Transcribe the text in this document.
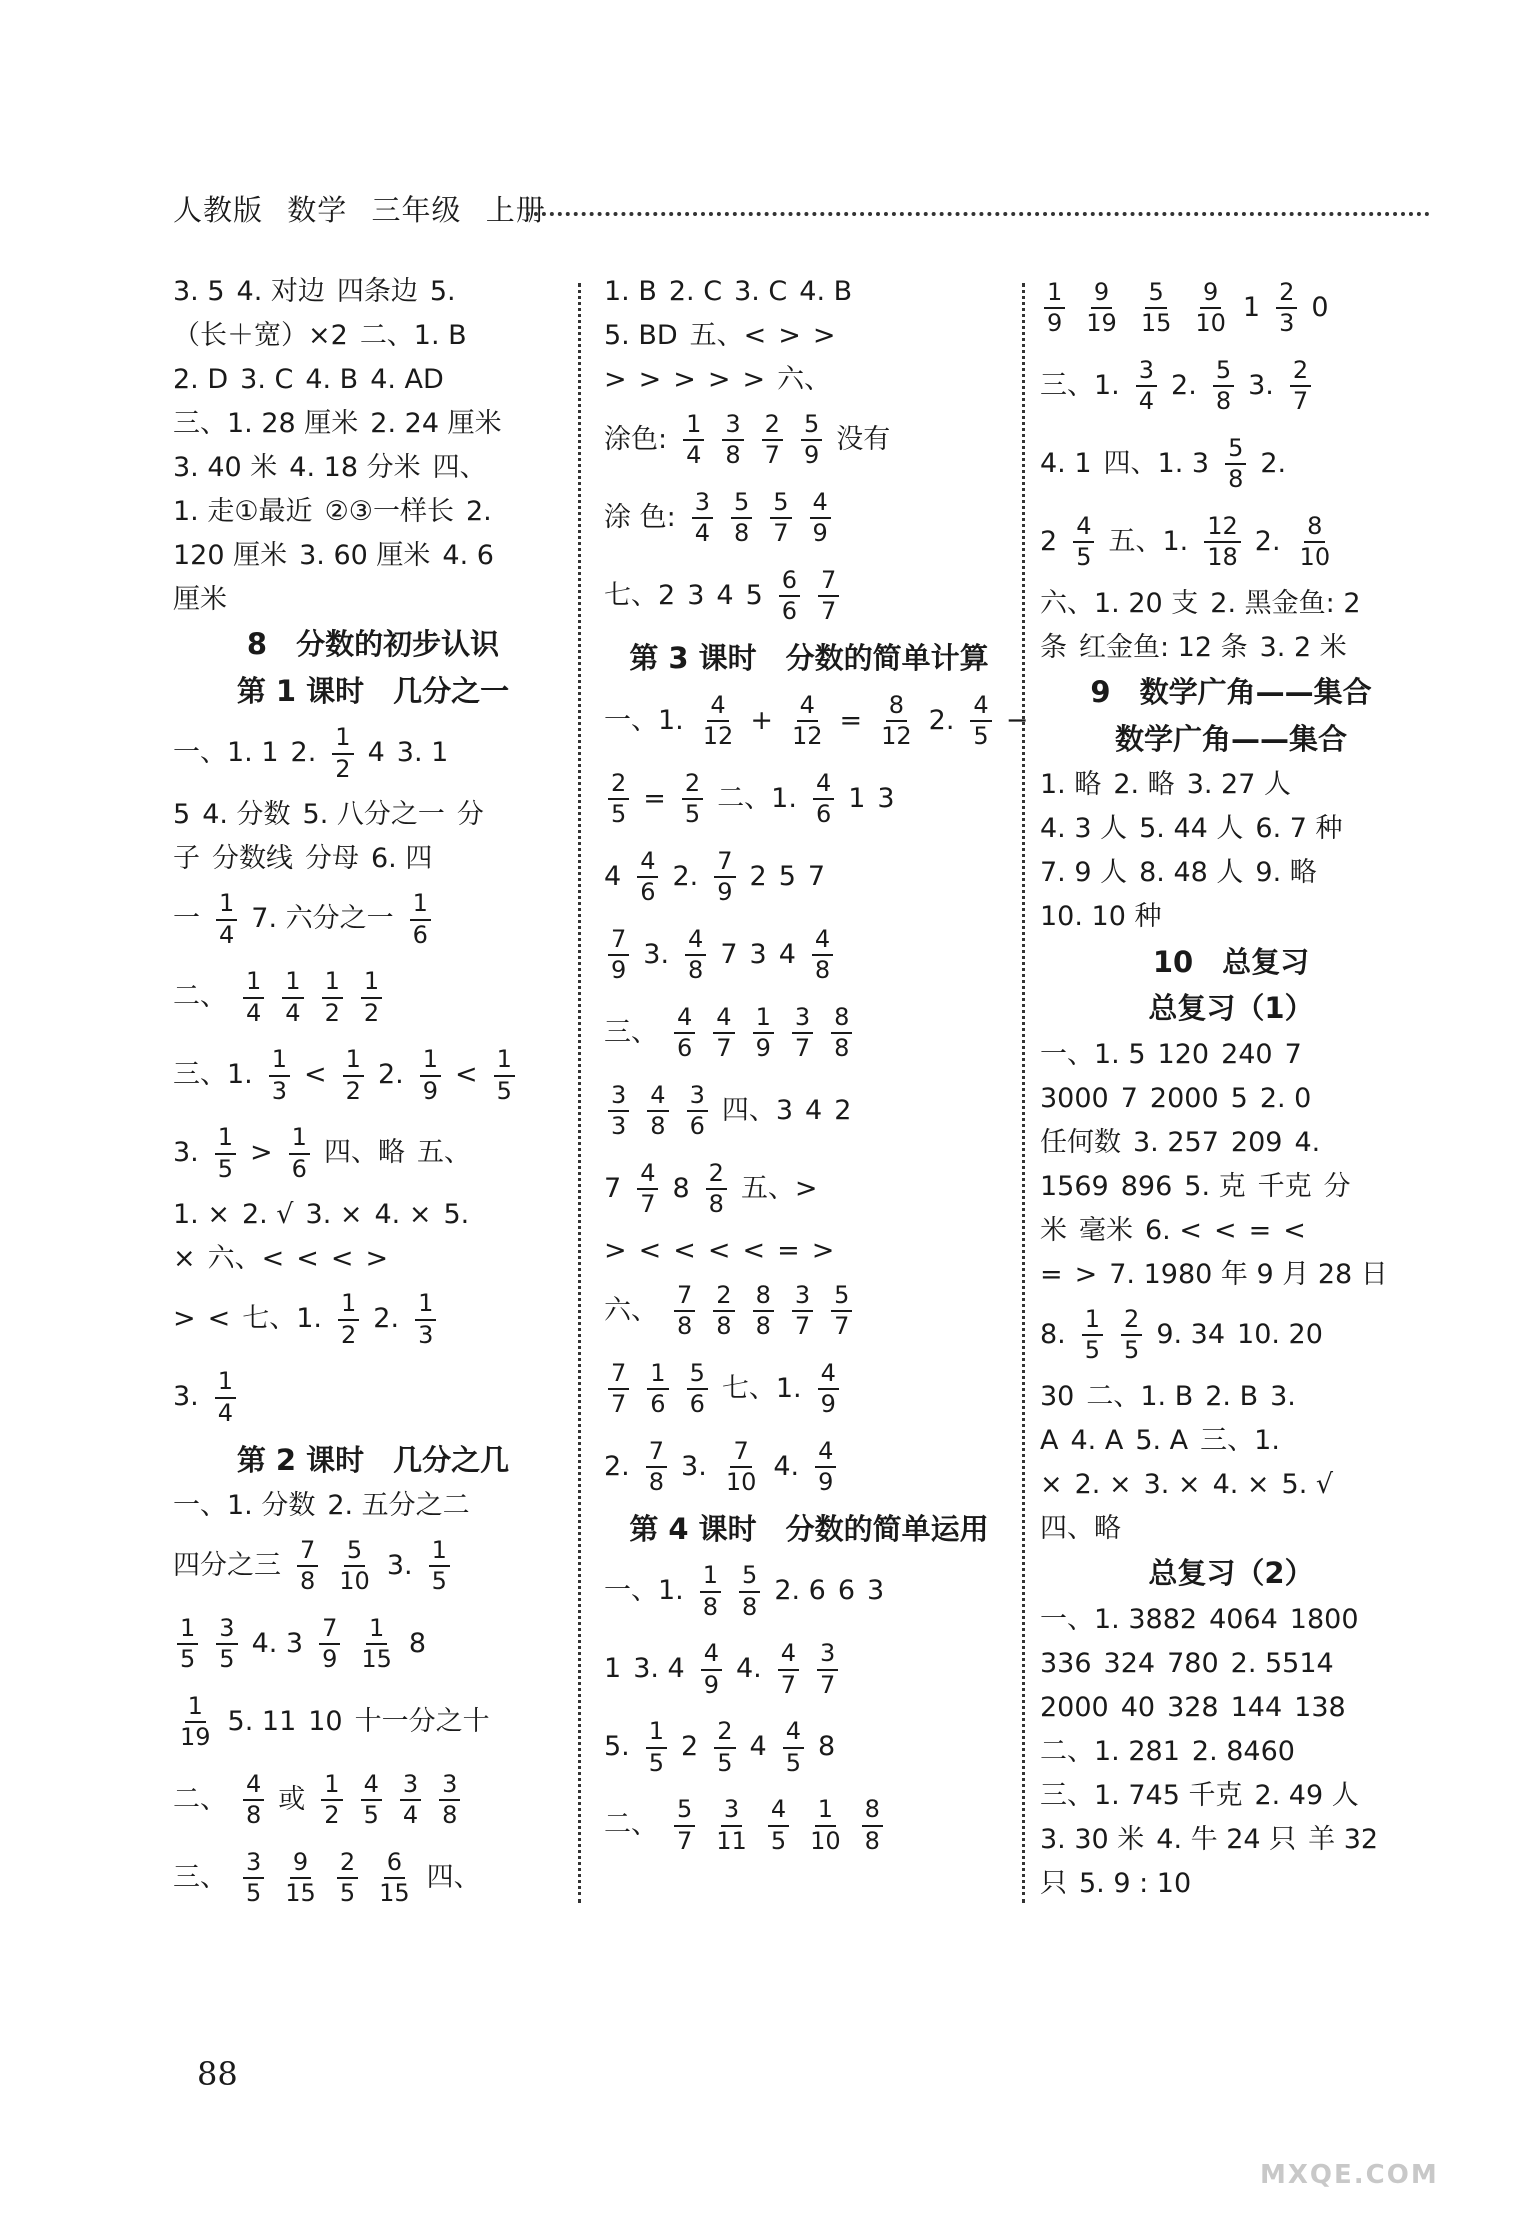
人教版 数学 三年级 上册
3. 5 4. 对边 四条边 5.
（长＋宽）×2 二、1. B
2. D 3. C 4. B 4. AD
三、1. 28 厘米 2. 24 厘米
3. 40 米 4. 18 分米 四、
1. 走①最近 ②③一样长 2.
120 厘米 3. 60 厘米 4. 6
厘米
8　分数的初步认识
第 1 课时　几分之一
一、1. 1 2. $\frac{1}{2} 4$ 3. 1
5 4. 分数 5. 八分之一 分
子 分数线 分母 6. 四
一 $\frac{1}{4} 7$. 六分之一 $\frac{1}{6}$
二、 $\frac{1}{4} \frac{1}{4} \frac{1}{2} \frac{1}{2}$
三、1. $\frac{1}{3} < \frac{1}{2} 2$. $\frac{1}{9} < \frac{1}{5}$
3. $\frac{1}{5} > \frac{1}{6}$ 四、略 五、
1. × 2. √ 3. × 4. × 5.
× 六、< < < >
> < 七、1. $\frac{1}{2} 2$. $\frac{1}{3}$
3. $\frac{1}{4}$
第 2 课时　几分之几
一、1. 分数 2. 五分之二
四分之三 $\frac{7}{8} \frac{5}{10} 3$. $\frac{1}{5}$
$\frac{1}{5} \frac{3}{5} 4$. $3 \frac{7}{9} \frac{1}{15} 8$
$\frac{1}{19} 5$. 11 10 十一分之十
二、 $\frac{4}{8}$ 或 $\frac{1}{2} \frac{4}{5} \frac{3}{4} \frac{3}{8}$
三、 $\frac{3}{5} \frac{9}{15} \frac{2}{5} \frac{6}{15}$ 四、
1. B 2. C 3. C 4. B
5. BD 五、< > >
> > > > > 六、
涂色: $\frac{1}{4} \frac{3}{8} \frac{2}{7} \frac{5}{9}$ 没有
涂 色: $\frac{3}{4} \frac{5}{8} \frac{5}{7} \frac{4}{9}$
七、2 3 4 $5 \frac{6}{6} \frac{7}{7}$
第 3 课时　分数的简单计算
一、1. $\frac{4}{12} + \frac{4}{12} = \frac{8}{12} 2$. $\frac{4}{5}$ −
$\frac{2}{5} = \frac{2}{5}$ 二、1. $\frac{4}{6} 1$ 3
$4 \frac{4}{6} 2$. $\frac{7}{9} 2$ 5 7
$\frac{7}{9} 3$. $\frac{4}{8} 7$ 3 $4 \frac{4}{8}$
三、 $\frac{4}{6} \frac{4}{7} \frac{1}{9} \frac{3}{7} \frac{8}{8}$
$\frac{3}{3} \frac{4}{8} \frac{3}{6}$ 四、3 4 2
$7 \frac{4}{7} 8 \frac{2}{8}$ 五、>
> < < < < = >
六、 $\frac{7}{8} \frac{2}{8} \frac{8}{8} \frac{3}{7} \frac{5}{7}$
$\frac{7}{7} \frac{1}{6} \frac{5}{6}$ 七、1. $\frac{4}{9}$
2. $\frac{7}{8} 3$. $\frac{7}{10} 4$. $\frac{4}{9}$
第 4 课时　分数的简单运用
一、1. $\frac{1}{8} \frac{5}{8} 2$. 6 6 3
1 3. $4 \frac{4}{9} 4$. $\frac{4}{7} \frac{3}{7}$
5. $\frac{1}{5} 2 \frac{2}{5} 4 \frac{4}{5} 8$
二、 $\frac{5}{7} \frac{3}{11} \frac{4}{5} \frac{1}{10} \frac{8}{8}$
$\frac{1}{9} \frac{9}{19} \frac{5}{15} \frac{9}{10} 1 \frac{2}{3} 0$
三、1. $\frac{3}{4} 2$. $\frac{5}{8} 3$. $\frac{2}{7}$
4. 1 四、1. $3 \frac{5}{8} 2$.
$2 \frac{4}{5}$ 五、1. $\frac{12}{18} 2$. $\frac{8}{10}$
六、1. 20 支 2. 黑金鱼: 2
条 红金鱼: 12 条 3. 2 米
9　数学广角——集合
数学广角——集合
1. 略 2. 略 3. 27 人
4. 3 人 5. 44 人 6. 7 种
7. 9 人 8. 48 人 9. 略
10. 10 种
10　总复习
总复习（1）
一、1. 5 120 240 7
3000 7 2000 5 2. 0
任何数 3. 257 209 4.
1569 896 5. 克 千克 分
米 毫米 6. < < = <
= > 7. 1980 年 9 月 28 日
8. $\frac{1}{5} \frac{2}{5} 9$. 34 10. 20
30 二、1. B 2. B 3.
A 4. A 5. A 三、1.
× 2. × 3. × 4. × 5. √
四、略
总复习（2）
一、1. 3882 4064 1800
336 324 780 2. 5514
2000 40 328 144 138
二、1. 281 2. 8460
三、1. 745 千克 2. 49 人
3. 30 米 4. 牛 24 只 羊 32
只 5. 9 : 10
88
MXQE.COM
